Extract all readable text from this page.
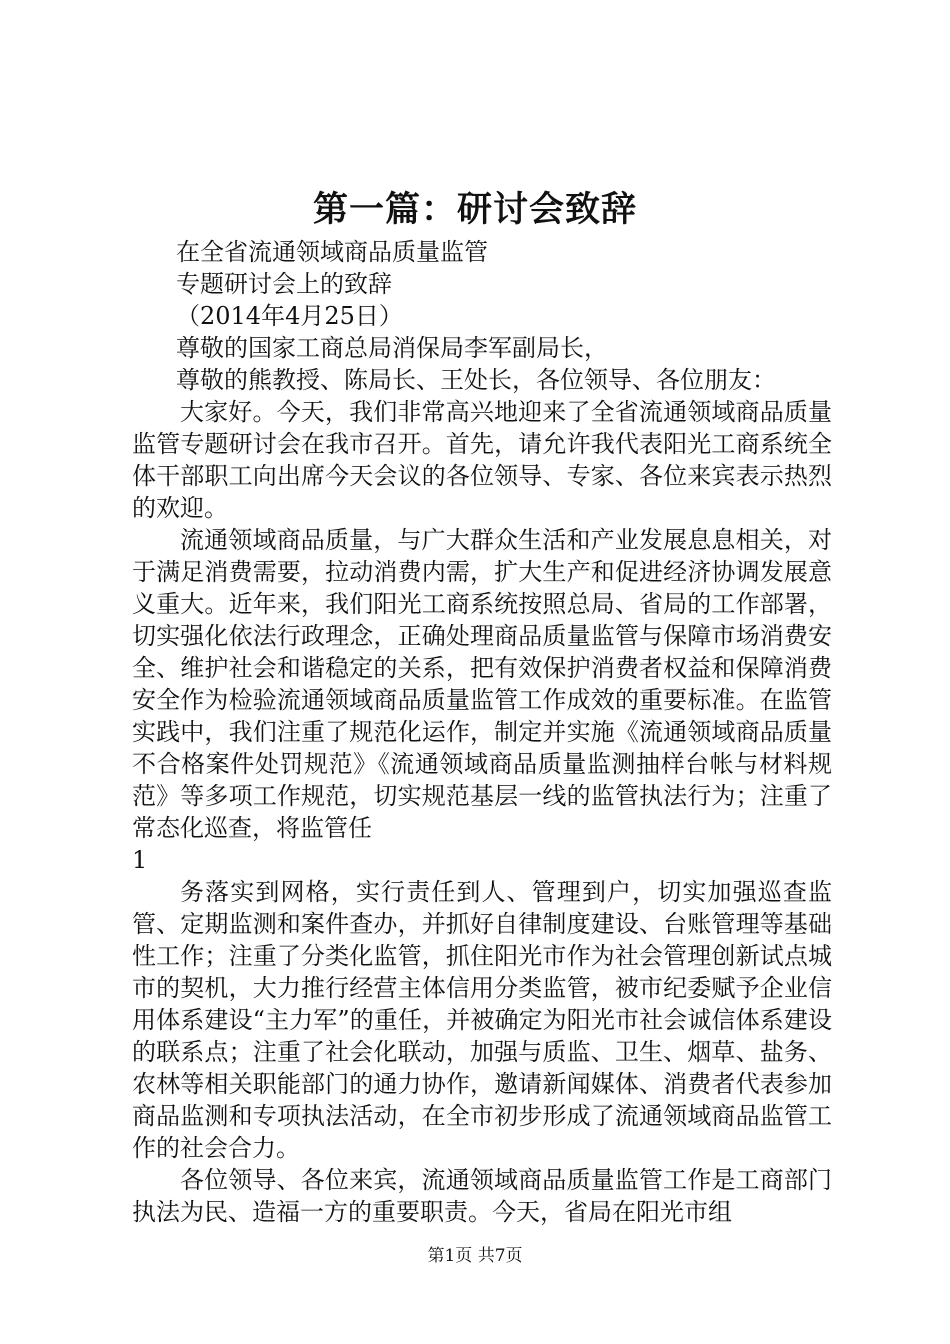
第一篇：研讨会致辞

在全省流通领域商品质量监管

专题研讨会上的致辞

（2014年4月25日）

尊敬的国家工商总局消保局李军副局长，

尊敬的熊教授、陈局长、王处长，各位领导、各位朋友：

大家好。今天，我们非常高兴地迎来了全省流通领域商品质量监管专题研讨会在我市召开。首先，请允许我代表阳光工商系统全体干部职工向出席今天会议的各位领导、专家、各位来宾表示热烈的欢迎。

流通领域商品质量，与广大群众生活和产业发展息息相关，对于满足消费需要，拉动消费内需，扩大生产和促进经济协调发展意义重大。近年来，我们阳光工商系统按照总局、省局的工作部署，切实强化依法行政理念，正确处理商品质量监管与保障市场消费安全、维护社会和谐稳定的关系，把有效保护消费者权益和保障消费安全作为检验流通领域商品质量监管工作成效的重要标准。在监管实践中，我们注重了规范化运作，制定并实施《流通领域商品质量不合格案件处罚规范》《流通领域商品质量监测抽样台帐与材料规范》等多项工作规范，切实规范基层一线的监管执法行为；注重了常态化巡查，将监管任

1

务落实到网格，实行责任到人、管理到户，切实加强巡查监管、定期监测和案件查办，并抓好自律制度建设、台账管理等基础性工作；注重了分类化监管，抓住阳光市作为社会管理创新试点城市的契机，大力推行经营主体信用分类监管，被市纪委赋予企业信用体系建设“主力军”的重任，并被确定为阳光市社会诚信体系建设的联系点；注重了社会化联动，加强与质监、卫生、烟草、盐务、农林等相关职能部门的通力协作，邀请新闻媒体、消费者代表参加商品监测和专项执法活动，在全市初步形成了流通领域商品监管工作的社会合力。

各位领导、各位来宾，流通领域商品质量监管工作是工商部门执法为民、造福一方的重要职责。今天，省局在阳光市组

第1页 共7页
